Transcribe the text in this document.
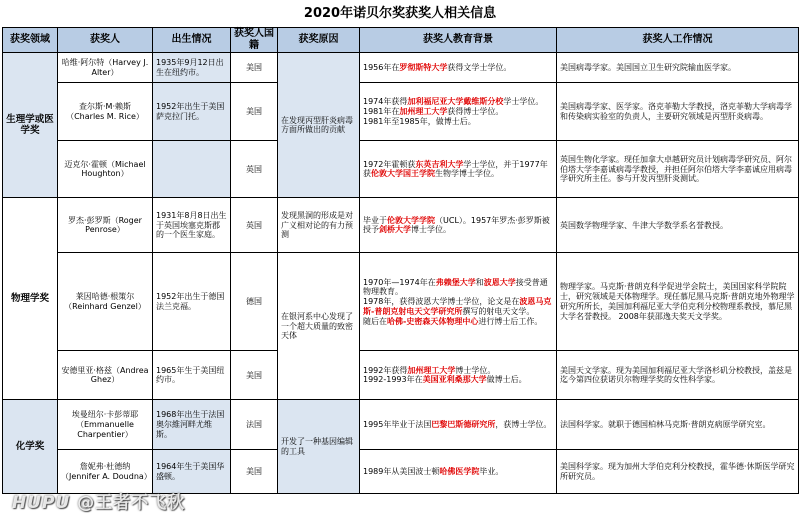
2020年诺贝尔奖获奖人相关信息
获奖领域	获奖人	出生情况	获奖人国籍	获奖原因	获奖人教育背景	获奖人工作情况
生理学或医学奖	哈维·阿尔特（Harvey J. Alter）	1935年9月12日出生在纽约市。	美国	在发现丙型肝炎病毒方面所做出的贡献	1956年在罗彻斯特大学获得文学士学位。	美国病毒学家。美国国立卫生研究院输血医学家。
	查尔斯·M·赖斯（Charles M. Rice）	1952年出生于美国萨克拉门托。	美国		1974年获得加利福尼亚大学戴维斯分校学士学位。
1981年在加州理工大学获得博士学位。
1981年至1985年，做博士后。	美国病毒学家、医学家。洛克菲勒大学教授，洛克菲勒大学病毒学和传染病实验室的负责人，主要研究领域是丙型肝炎病毒。
	迈克尔·霍顿（Michael Houghton）		英国		1972年霍顿获东英吉利大学学士学位，并于1977年获伦敦大学国王学院生物学博士学位。	英国生物化学家。现任加拿大卓越研究员计划病毒学研究员、阿尔伯塔大学李嘉诚病毒学教授，并担任阿尔伯塔大学李嘉诚应用病毒学研究所主任。参与开发丙型肝炎测试。
物理学奖	罗杰·彭罗斯（Roger Penrose）	1931年8月8日出生于英国埃塞克斯郡的一个医生家庭。	英国	发现黑洞的形成是对广义相对论的有力预测	毕业于伦敦大学学院（UCL）。1957年罗杰·彭罗斯被授予剑桥大学博士学位。	英国数学物理学家、牛津大学数学系名誉教授。
	莱因哈德·根策尔（Reinhard Genzel）	1952年出生于德国法兰克福。	德国	在银河系中心发现了一个超大质量的致密天体	1970年—1974年在弗赖堡大学和波恩大学接受普通物理教育。
1978年，获得波恩大学博士学位，论文是在波恩马克斯-普朗克射电天文学研究所撰写的射电天文学。
随后在哈佛-史密森天体物理中心进行博士后工作。	物理学家。马克斯·普朗克科学促进学会院士，美国国家科学院院士，研究领域是天体物理学。现任慕尼黑马克斯·普朗克地外物理学研究所所长，美国加利福尼亚大学伯克利分校物理系教授，慕尼黑大学名誉教授。 2008年获邵逸夫奖天文学奖。
	安德里亚·格兹（Andrea Ghez）	1965年生于美国纽约市。	美国		1992年获得加州理工大学博士学位。
1992-1993年在美国亚利桑那大学做博士后。	美国天文学家。现为美国加利福尼亚大学洛杉矶分校教授，盖兹是迄今第四位获诺贝尔物理学奖的女性科学家。
化学奖	埃曼纽尔·卡彭蒂耶（Emmanuelle Charpentier）	1968年出生于法国奥尔維河畔尤维斯。	法国	开发了一种基因编辑的工具	1995年毕业于法国巴黎巴斯德研究所，获博士学位。	法国科学家。就职于德国柏林马克斯·普朗克病原学研究室。
	詹妮弗·杜德纳（Jennifer A. Doudna）	1964年生于美国华盛顿。	美国		1989年从美国波士顿哈佛医学院毕业。	美国科学家。现为加州大学伯克利分校教授，霍华德·休斯医学研究所研究员。
HUPU @王者不飞秋
